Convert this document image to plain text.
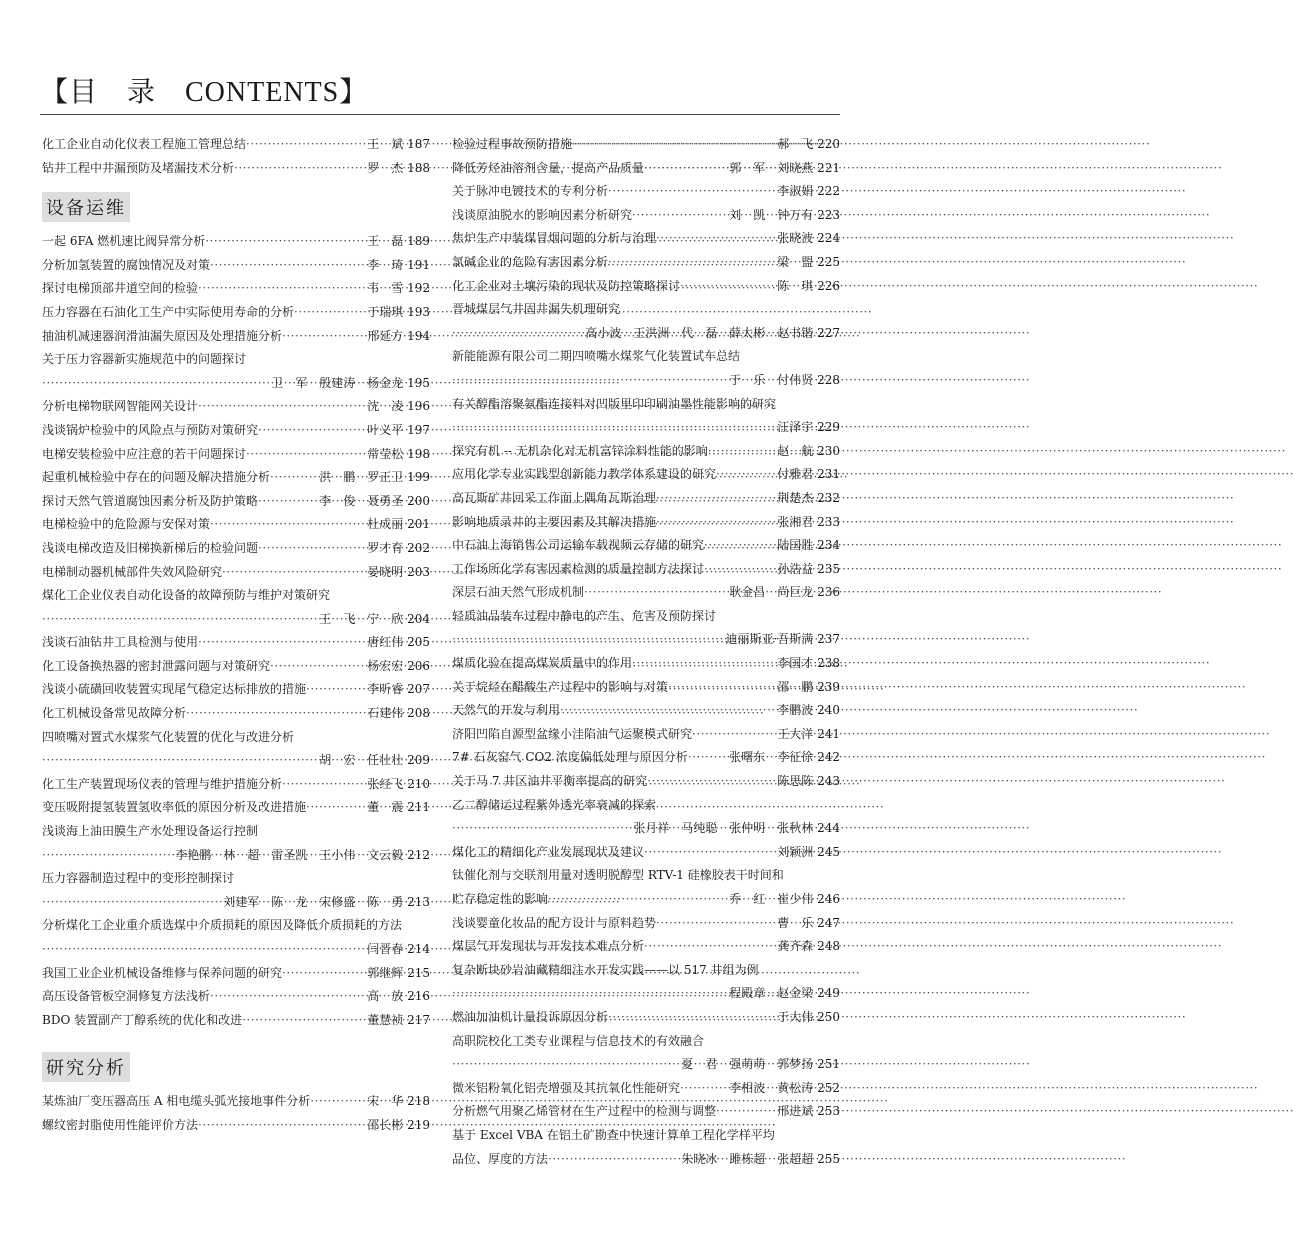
【目　录　CONTENTS】
化工企业自动化仪表工程施工管理总结 ·····	王　斌 187
钻井工程中井漏预防及堵漏技术分析 ·····	罗　杰 188
设备运维
一起 6FA 燃机速比阀异常分析 ·····	王　磊 189
分析加氢装置的腐蚀情况及对策 ·····	李　琦 191
探讨电梯顶部井道空间的检验 ·····	韦　雪 192
压力容器在石油化工生产中实际使用寿命的分析 ·····	于瑞琪 193
抽油机减速器润滑油漏失原因及处理措施分析 ·····	邢延方 194
关于压力容器新实施规范中的问题探讨
·····
卫　军　殷建涛　杨金龙 195
分析电梯物联网智能网关设计 ·····	沈　凌 196
浅谈锅炉检验中的风险点与预防对策研究 ·····	叶义平 197
电梯安装检验中应注意的若干问题探讨 ·····	常莹松 198
起重机械检验中存在的问题及解决措施分析 ·····	洪　鹏　罗正卫 199
探讨天然气管道腐蚀因素分析及防护策略 ·····	李　俊　聂勇圣 200
电梯检验中的危险源与安保对策 ·····	杜成丽 201
浅谈电梯改造及旧梯换新梯后的检验问题 ·····	罗才育 202
电梯制动器机械部件失效风险研究 ·····	晏晓明 203
煤化工企业仪表自动化设备的故障预防与维护对策研究
·····
王　飞　宁　欣 204
浅谈石油钻井工具检测与使用 ·····	唐红伟 205
化工设备换热器的密封泄露问题与对策研究 ·····	杨宏宏 206
浅谈小硫磺回收装置实现尾气稳定达标排放的措施 ·····	李昕睿 207
化工机械设备常见故障分析 ·····	石建伟 208
四喷嘴对置式水煤浆气化装置的优化与改进分析
·····
胡　宏　任壮壮 209
化工生产装置现场仪表的管理与维护措施分析 ·····	张经飞 210
变压吸附提氢装置氢收率低的原因分析及改进措施 ·····	董　震 211
浅谈海上油田膜生产水处理设备运行控制
·····
李艳鹏　林　超　雷圣凯　王小伟　文云毅 212
压力容器制造过程中的变形控制探讨
·····
刘建军　陈　龙　宋修盛　陈　勇 213
分析煤化工企业重介质选煤中介质损耗的原因及降低介质损耗的方法
·····
闫晋春 214
我国工业企业机械设备维修与保养问题的研究 ·····	郭继辉 215
高压设备管板空洞修复方法浅析 ·····	高　放 216
BDO 装置副产丁醇系统的优化和改进 ·····	董慧祯 217
研究分析
某炼油厂变压器高压 A 相电缆头弧光接地事件分析 ·····	宋　华 218
螺纹密封脂使用性能评价方法 ·····	邵长彬 219
检验过程事故预防措施 ·····	郝　飞 220
降低芳烃油溶剂含量，提高产品质量 ·····	郭　军　刘晓燕 221
关于脉冲电镀技术的专利分析 ·····	李淑娟 222
浅谈原油脱水的影响因素分析研究 ·····	刘　凯　钟万有 223
焦炉生产中装煤冒烟问题的分析与治理 ·····	张晓波 224
氯碱企业的危险有害因素分析 ·····	梁　盟 225
化工企业对土壤污染的现状及防控策略探讨 ·····	陈　琪 226
晋城煤层气井固井漏失机理研究
·····
高小波　王洪洲　代　磊　薛太彬　赵书锴 227
新能能源有限公司二期四喷嘴水煤浆气化装置试车总结
·····
于　乐　付伟贤 228
有关醇酯溶聚氨酯连接料对凹版里印印刷油墨性能影响的研究
·····
汪泽宇 229
探究有机 -- 无机杂化对无机富锌涂料性能的影响 ·····	赵　航 230
应用化学专业实践型创新能力教学体系建设的研究 ·····	付雅君 231
高瓦斯矿井回采工作面上隅角瓦斯治理 ·····	荆楚杰 232
影响地质录井的主要因素及其解决措施 ·····	张湘君 233
中石油上海销售公司运输车载视频云存储的研究 ·····	陆国胜 234
工作场所化学有害因素检测的质量控制方法探讨 ·····	孙浩益 235
深层石油天然气形成机制 ·····	耿金昌　尚巨龙 236
轻质油品装车过程中静电的产生、危害及预防探讨
·····
迪丽斯亚·吾斯满 237
煤质化验在提高煤炭质量中的作用 ·····	李国才 238
关于烷烃在醋酸生产过程中的影响与对策 ·····	邵　鹏 239
天然气的开发与利用 ·····	李鹏波 240
济阳凹陷自源型盆缘小洼陷油气运聚模式研究 ·····	王大洋 241
7# 石灰窑气 CO2 浓度偏低处理与原因分析 ·····	张曙东　李征徐 242
关于马 7 井区油井平衡率提高的研究 ·····	陈思陈 243
乙二醇储运过程紫外透光率衰减的探索
·····
张月祥　马纯聪　张仲明　张秋林 244
煤化工的精细化产业发展现状及建议 ·····	刘颖洲 245
钛催化剂与交联剂用量对透明脱醇型 RTV-1 硅橡胶表干时间和
贮存稳定性的影响 ·····	乔　红　崔少伟 246
浅谈婴童化妆品的配方设计与原料趋势 ·····	曹　乐 247
煤层气开发现状与开发技术难点分析 ·····	龚齐森 248
复杂断块砂岩油藏精细注水开发实践——以 517 井组为例
·····
程殿章　赵金梁 249
燃油加油机计量投诉原因分析 ·····	于大伟 250
高职院校化工类专业课程与信息技术的有效融合
·····
夏　君　强萌萌　郭梦扬 251
微米铝粉氧化铝壳增强及其抗氧化性能研究 ·····	李相波　黄松涛 252
分析燃气用聚乙烯管材在生产过程中的检测与调整 ·····	邢进斌 253
基于 Excel VBA 在铝土矿勘查中快速计算单工程化学样平均
品位、厚度的方法 ·····	朱晓冰　雎栋超　张超超 255
